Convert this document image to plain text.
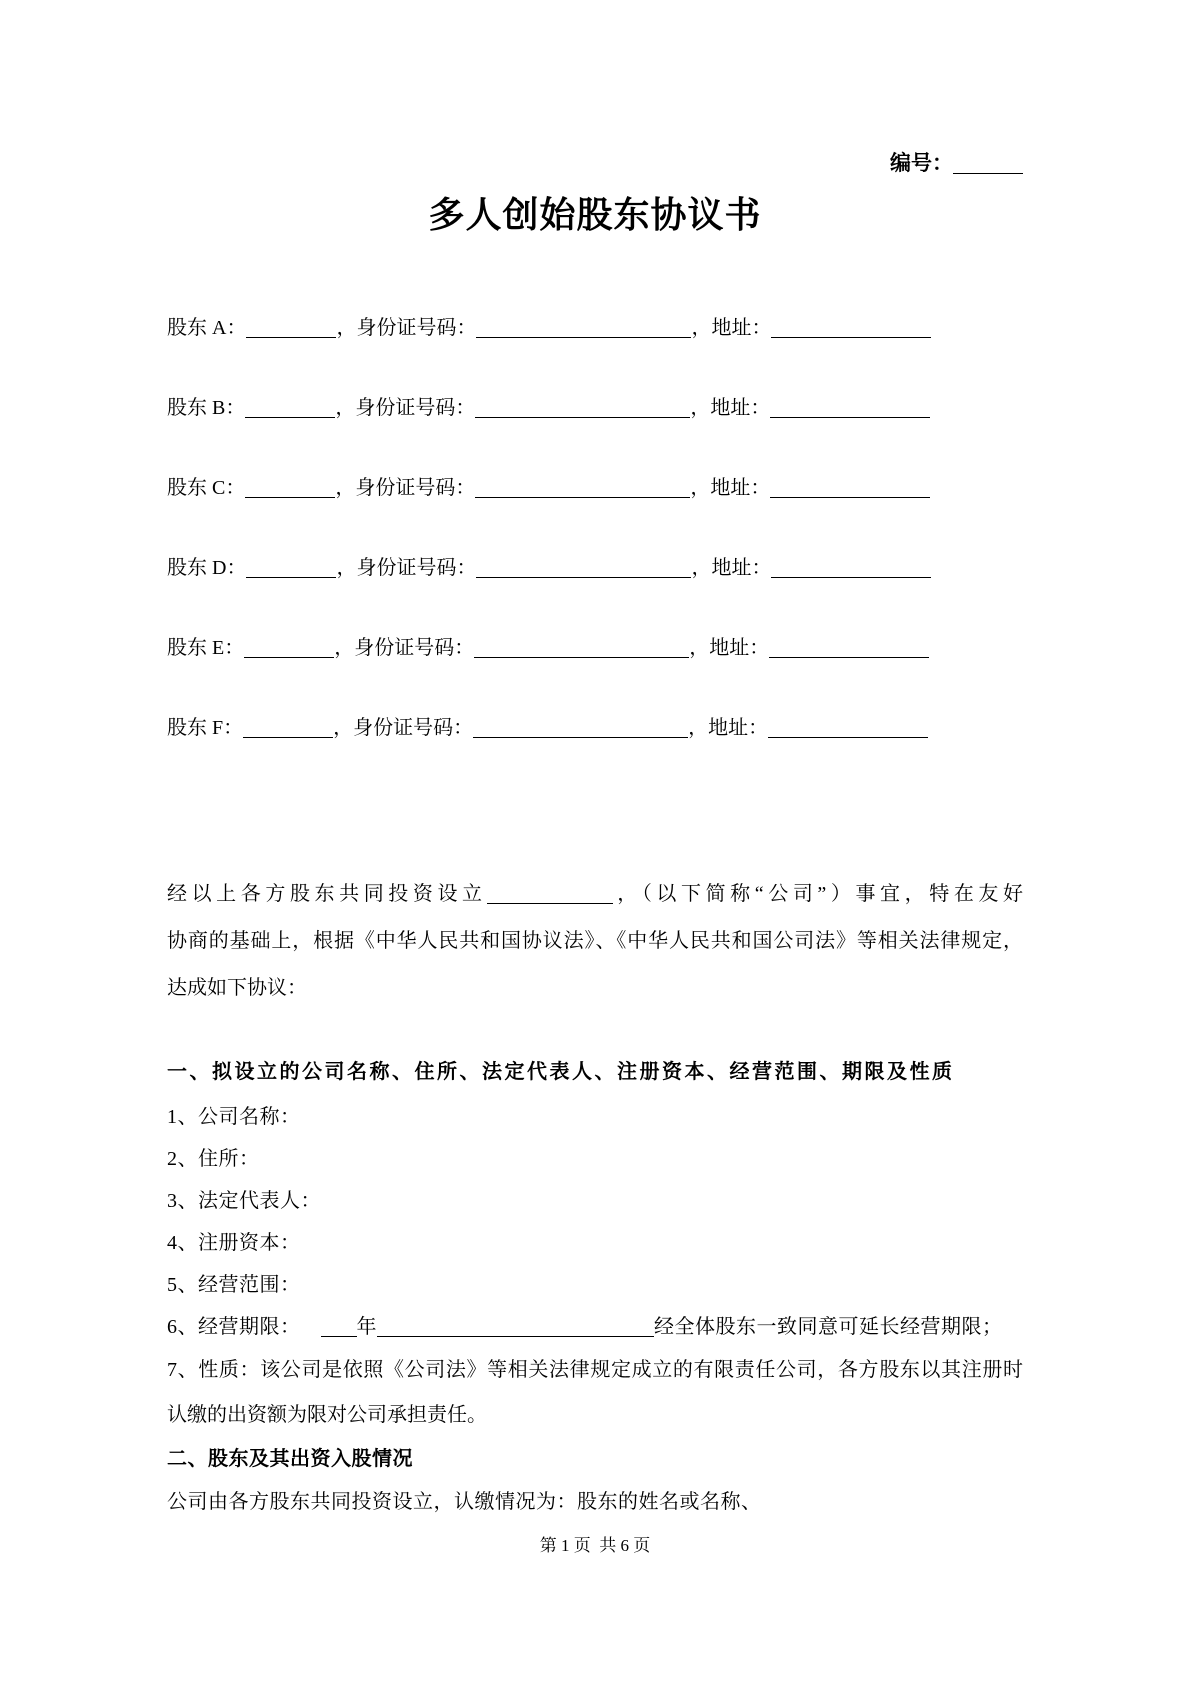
编号：
多人创始股东协议书
股东 A：	，身份证号码：	，地址：
股东 B：	，身份证号码：	，地址：
股东 C：	，身份证号码：	，地址：
股东 D：	，身份证号码：	，地址：
股东 E：	，身份证号码：	，地址：
股东 F：	，身份证号码：	，地址：
经以上各方股东共同投资设立	，（以下简称“公司”）事宜，特在友好
协商的基础上，根据《中华人民共和国协议法》、《中华人民共和国公司法》等相关法律规定，
达成如下协议：
一、拟设立的公司名称、住所、法定代表人、注册资本、经营范围、期限及性质
1、公司名称：
2、住所：
3、法定代表人：
4、注册资本：
5、经营范围：
6、经营期限：	年	经全体股东一致同意可延长经营期限；
7、性质：该公司是依照《公司法》等相关法律规定成立的有限责任公司，各方股东以其注册时
认缴的出资额为限对公司承担责任。
二、股东及其出资入股情况
公司由各方股东共同投资设立，认缴情况为：股东的姓名或名称、
第 1 页  共 6 页
